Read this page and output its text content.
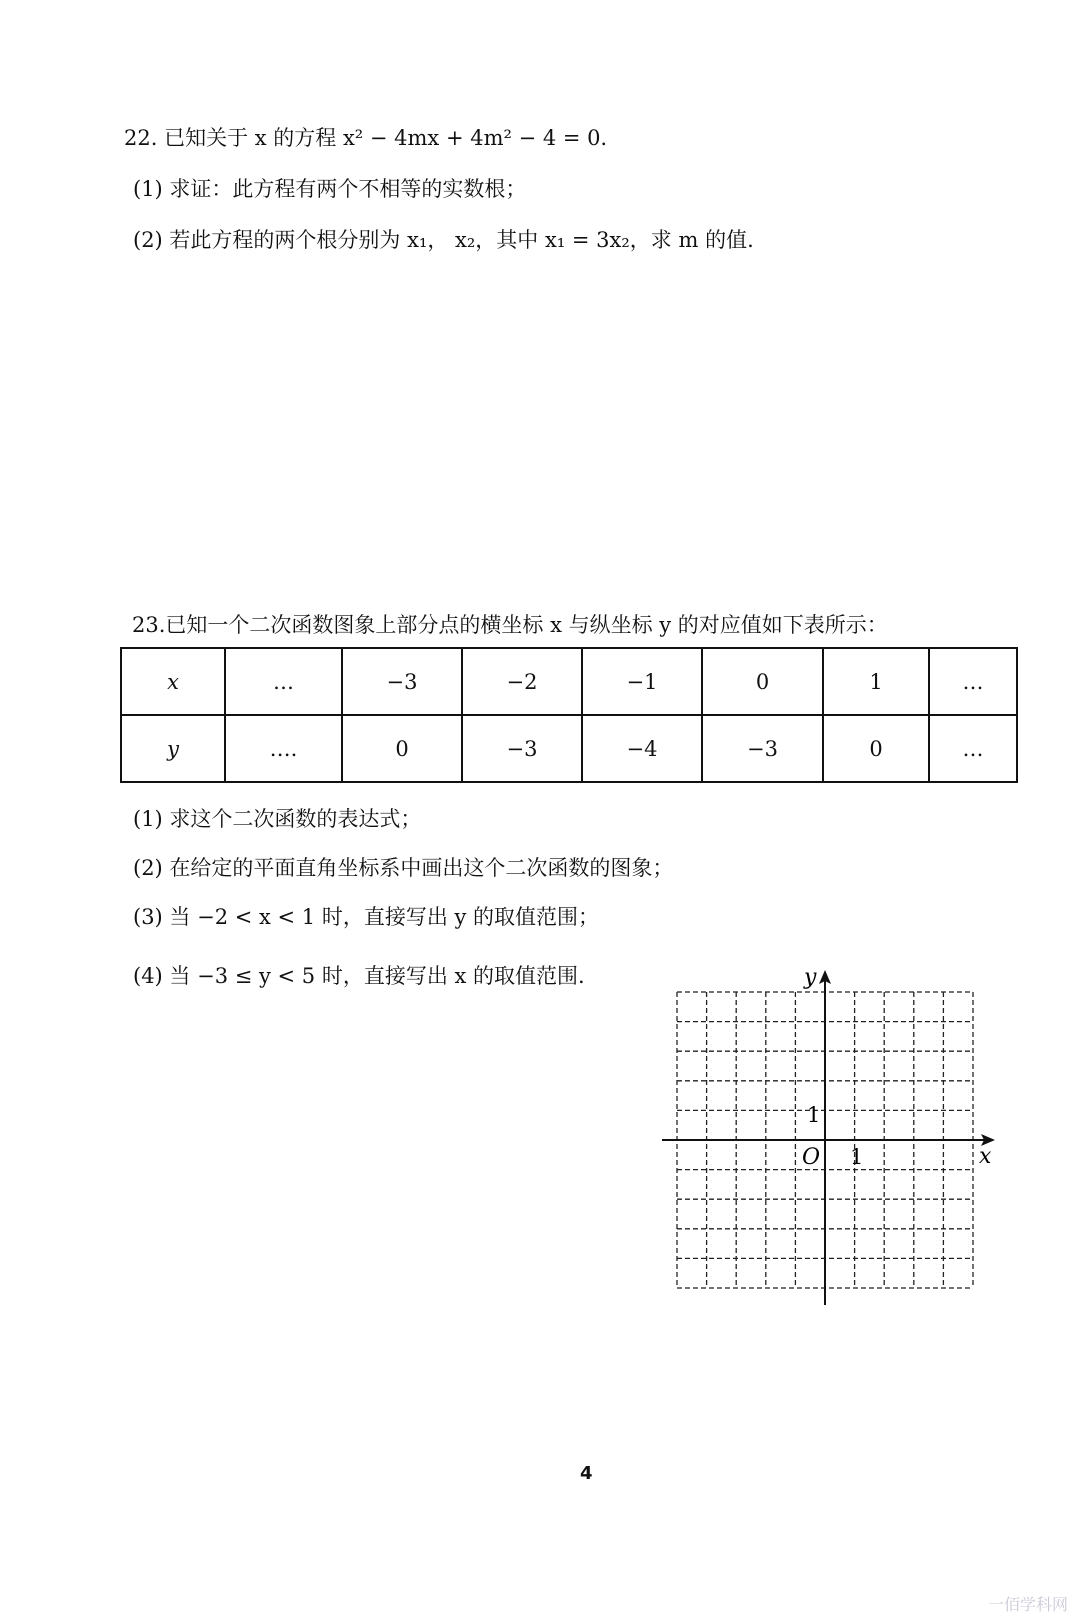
22. 已知关于 x 的方程 x² − 4mx + 4m² − 4 = 0．
(1) 求证：此方程有两个不相等的实数根；
(2) 若此方程的两个根分别为 x₁， x₂，其中 x₁ = 3x₂，求 m 的值.
23.已知一个二次函数图象上部分点的横坐标 x 与纵坐标 y 的对应值如下表所示：
x	…	−3	−2	−1	0	1	…
y	….	0	−3	−4	−3	0	…
(1) 求这个二次函数的表达式；
(2) 在给定的平面直角坐标系中画出这个二次函数的图象；
(3) 当 −2 < x < 1 时，直接写出 y 的取值范围；
(4) 当 −3 ≤ y < 5 时，直接写出 x 的取值范围.	y
x
O 1
1
4
一佰学科网
